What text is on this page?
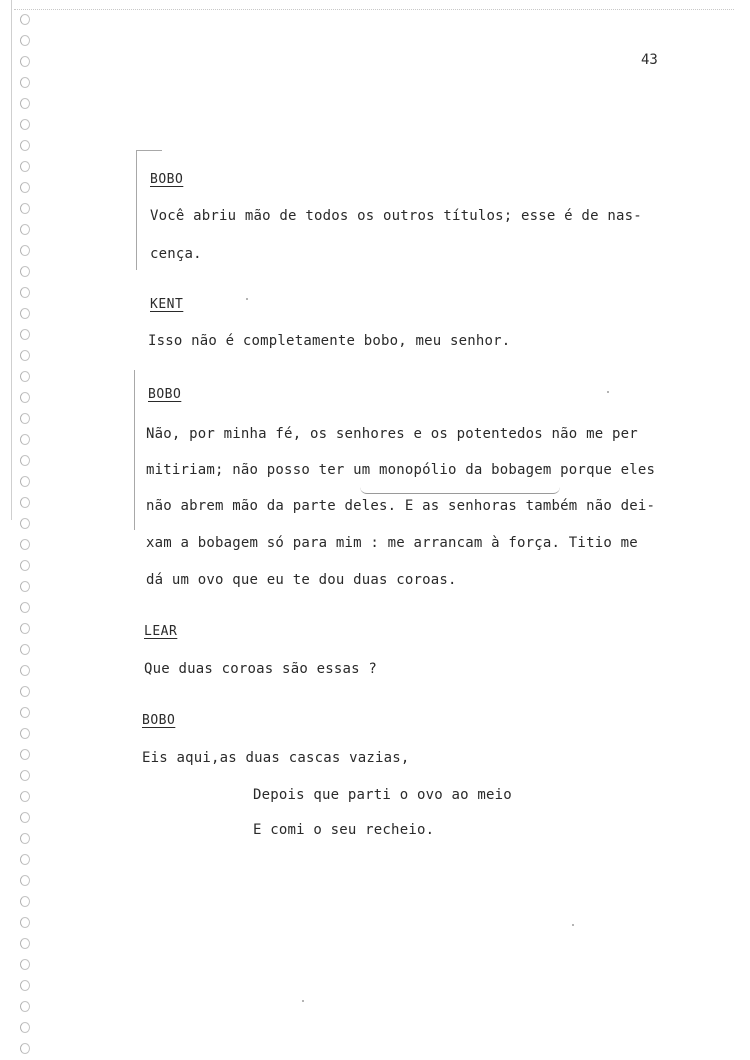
43
BOBO
Você abriu mão de todos os outros títulos; esse é de nas-
cença.
KENT
Isso não é completamente bobo, meu senhor.
BOBO
Não, por minha fé, os senhores e os potentedos não me per
mitiriam; não posso ter um monopólio da bobagem porque eles
não abrem mão da parte deles. E as senhoras também não dei-
xam a bobagem só para mim : me arrancam à força. Titio me
dá um ovo que eu te dou duas coroas.
LEAR
Que duas coroas são essas ?
BOBO
Eis aqui,as duas cascas vazias,
Depois que parti o ovo ao meio
E comi o seu recheio.
